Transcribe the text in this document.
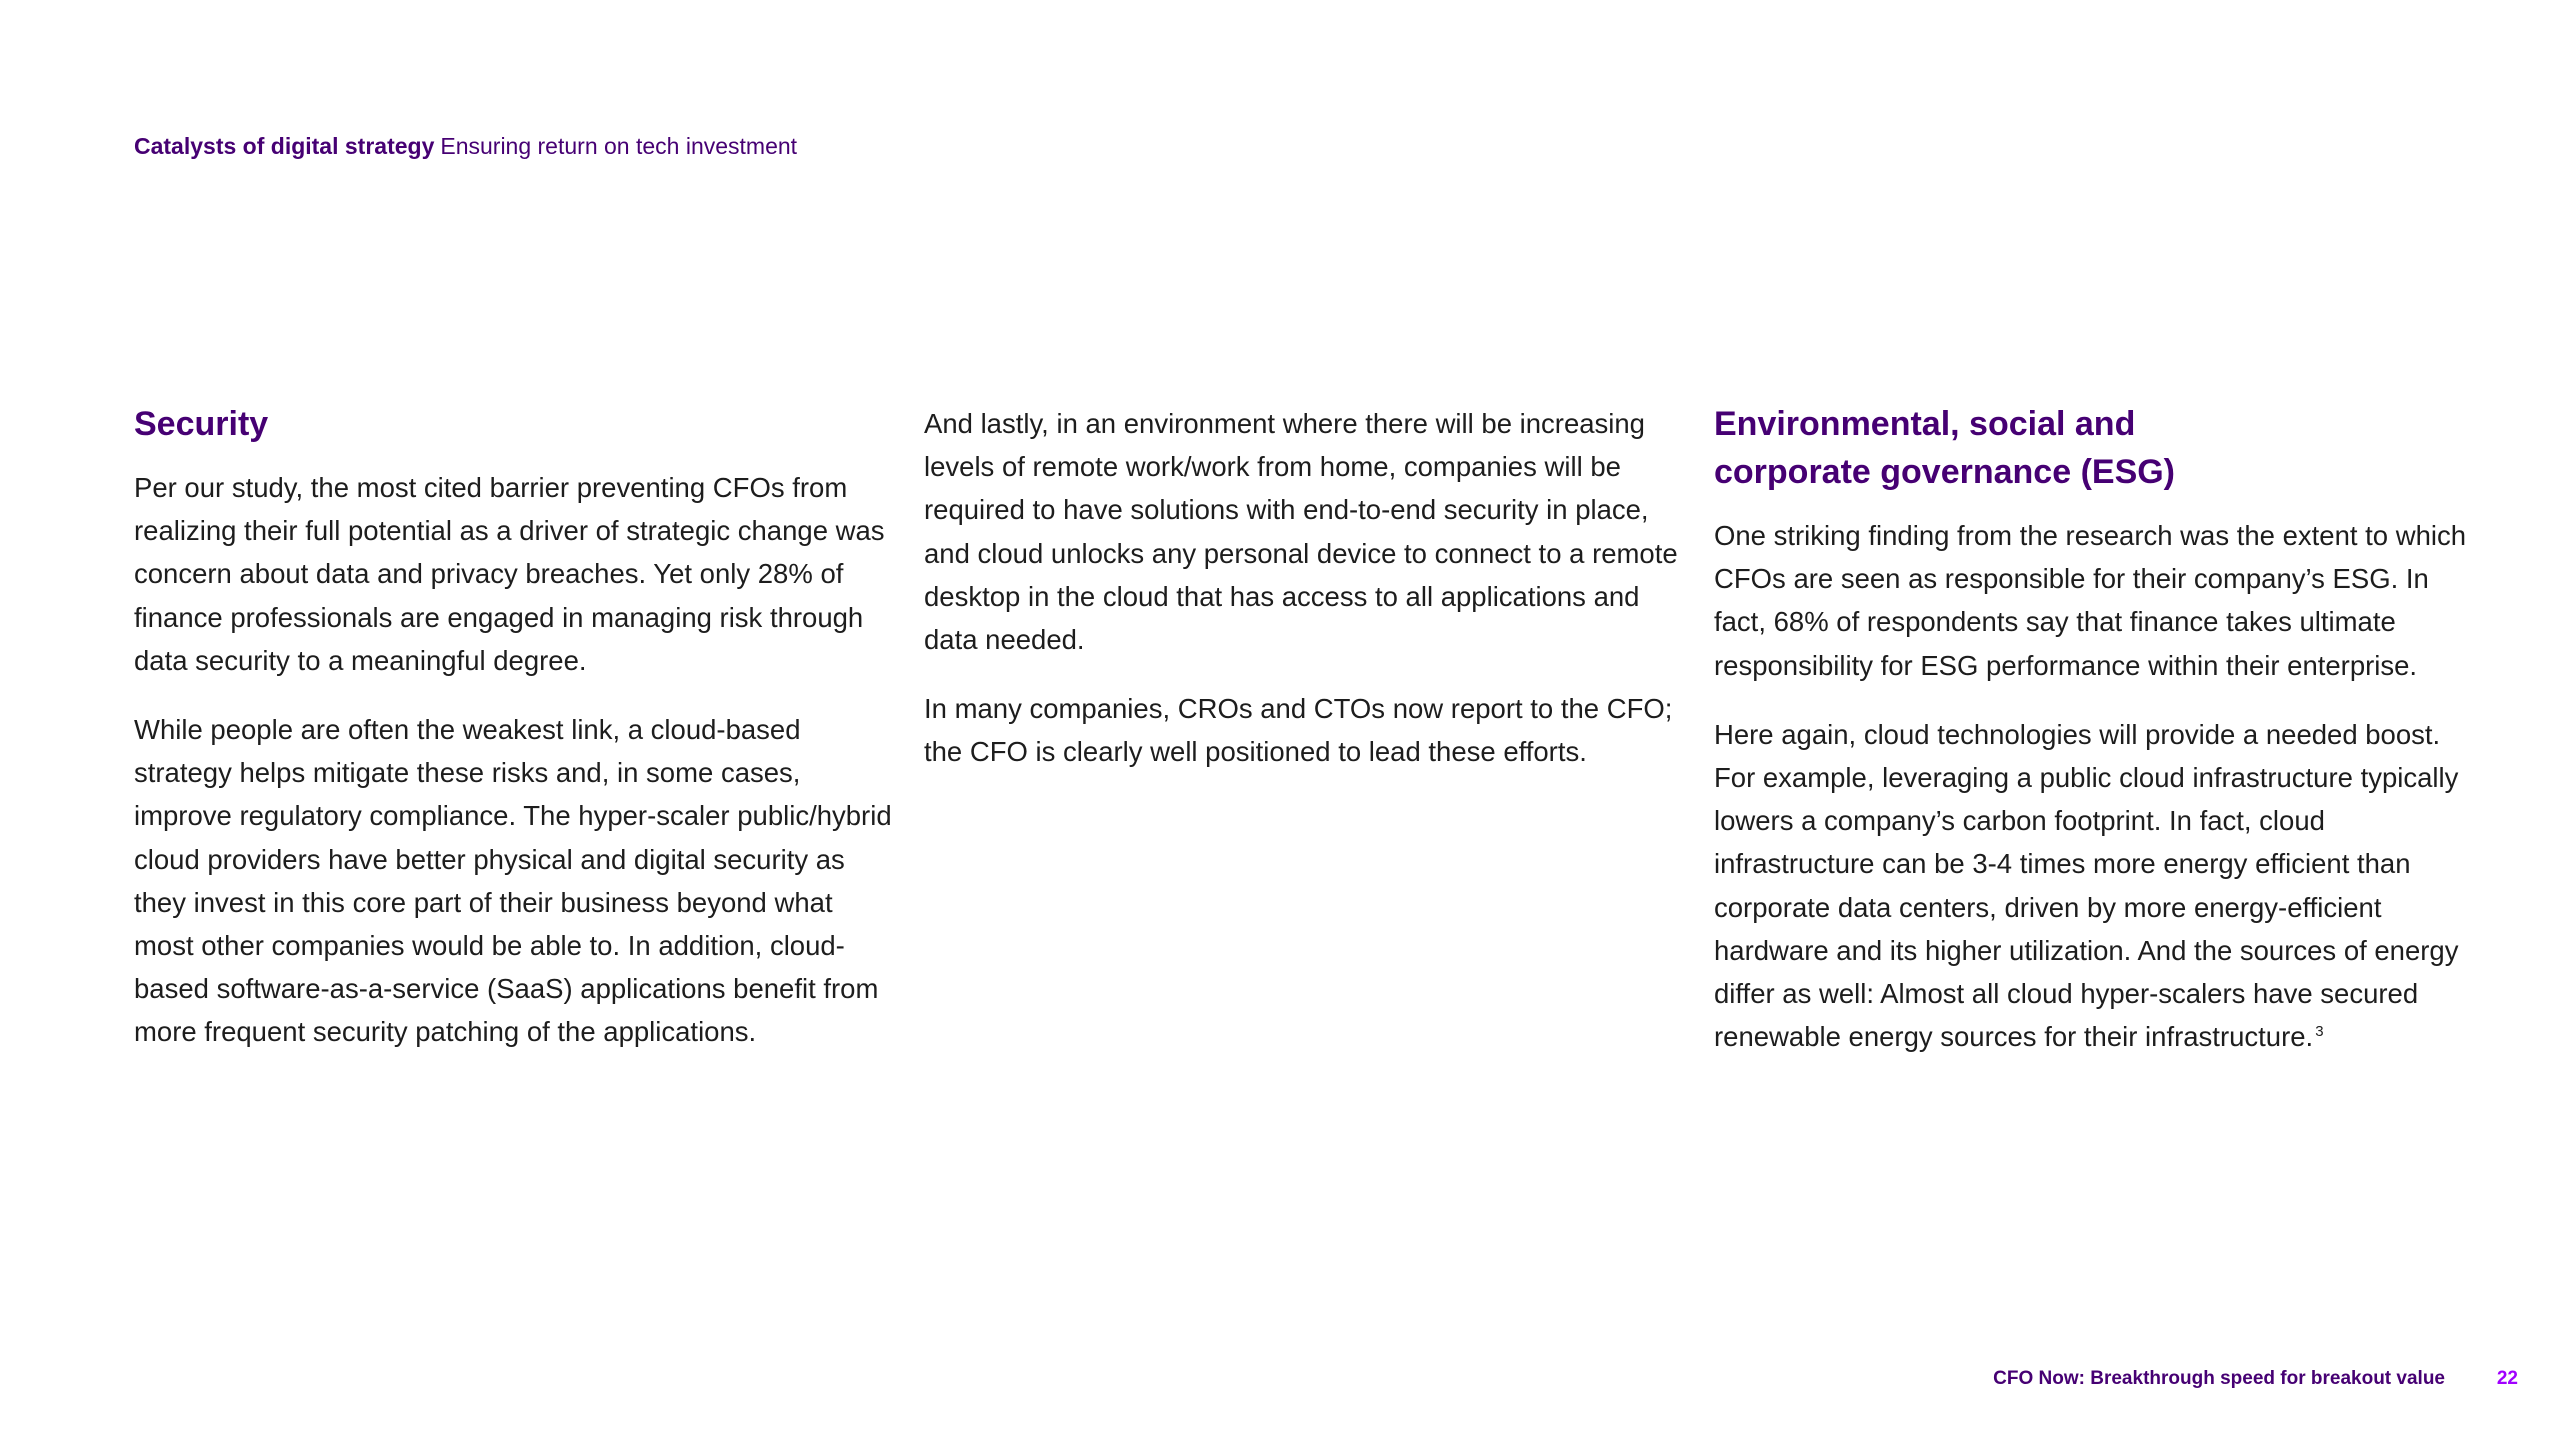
Catalysts of digital strategy Ensuring return on tech investment
Security

Per our study, the most cited barrier preventing CFOs from realizing their full potential as a driver of strategic change was concern about data and privacy breaches. Yet only 28% of finance professionals are engaged in managing risk through data security to a meaningful degree.

While people are often the weakest link, a cloud-based strategy helps mitigate these risks and, in some cases, improve regulatory compliance. The hyper-scaler public/hybrid cloud providers have better physical and digital security as they invest in this core part of their business beyond what most other companies would be able to. In addition, cloud-based software-as-a-service (SaaS) applications benefit from more frequent security patching of the applications.

And lastly, in an environment where there will be increasing levels of remote work/work from home, companies will be required to have solutions with end-to-end security in place, and cloud unlocks any personal device to connect to a remote desktop in the cloud that has access to all applications and data needed.

In many companies, CROs and CTOs now report to the CFO; the CFO is clearly well positioned to lead these efforts.

Environmental, social and
corporate governance (ESG)

One striking finding from the research was the extent to which CFOs are seen as responsible for their company’s ESG. In fact, 68% of respondents say that finance takes ultimate responsibility for ESG performance within their enterprise.

Here again, cloud technologies will provide a needed boost. For example, leveraging a public cloud infrastructure typically lowers a company’s carbon footprint. In fact, cloud infrastructure can be 3-4 times more energy efficient than corporate data centers, driven by more energy-efficient hardware and its higher utilization. And the sources of energy differ as well: Almost all cloud hyper-scalers have secured renewable energy sources for their infrastructure. $^3$

CFO Now: Breakthrough speed for breakout value	22
